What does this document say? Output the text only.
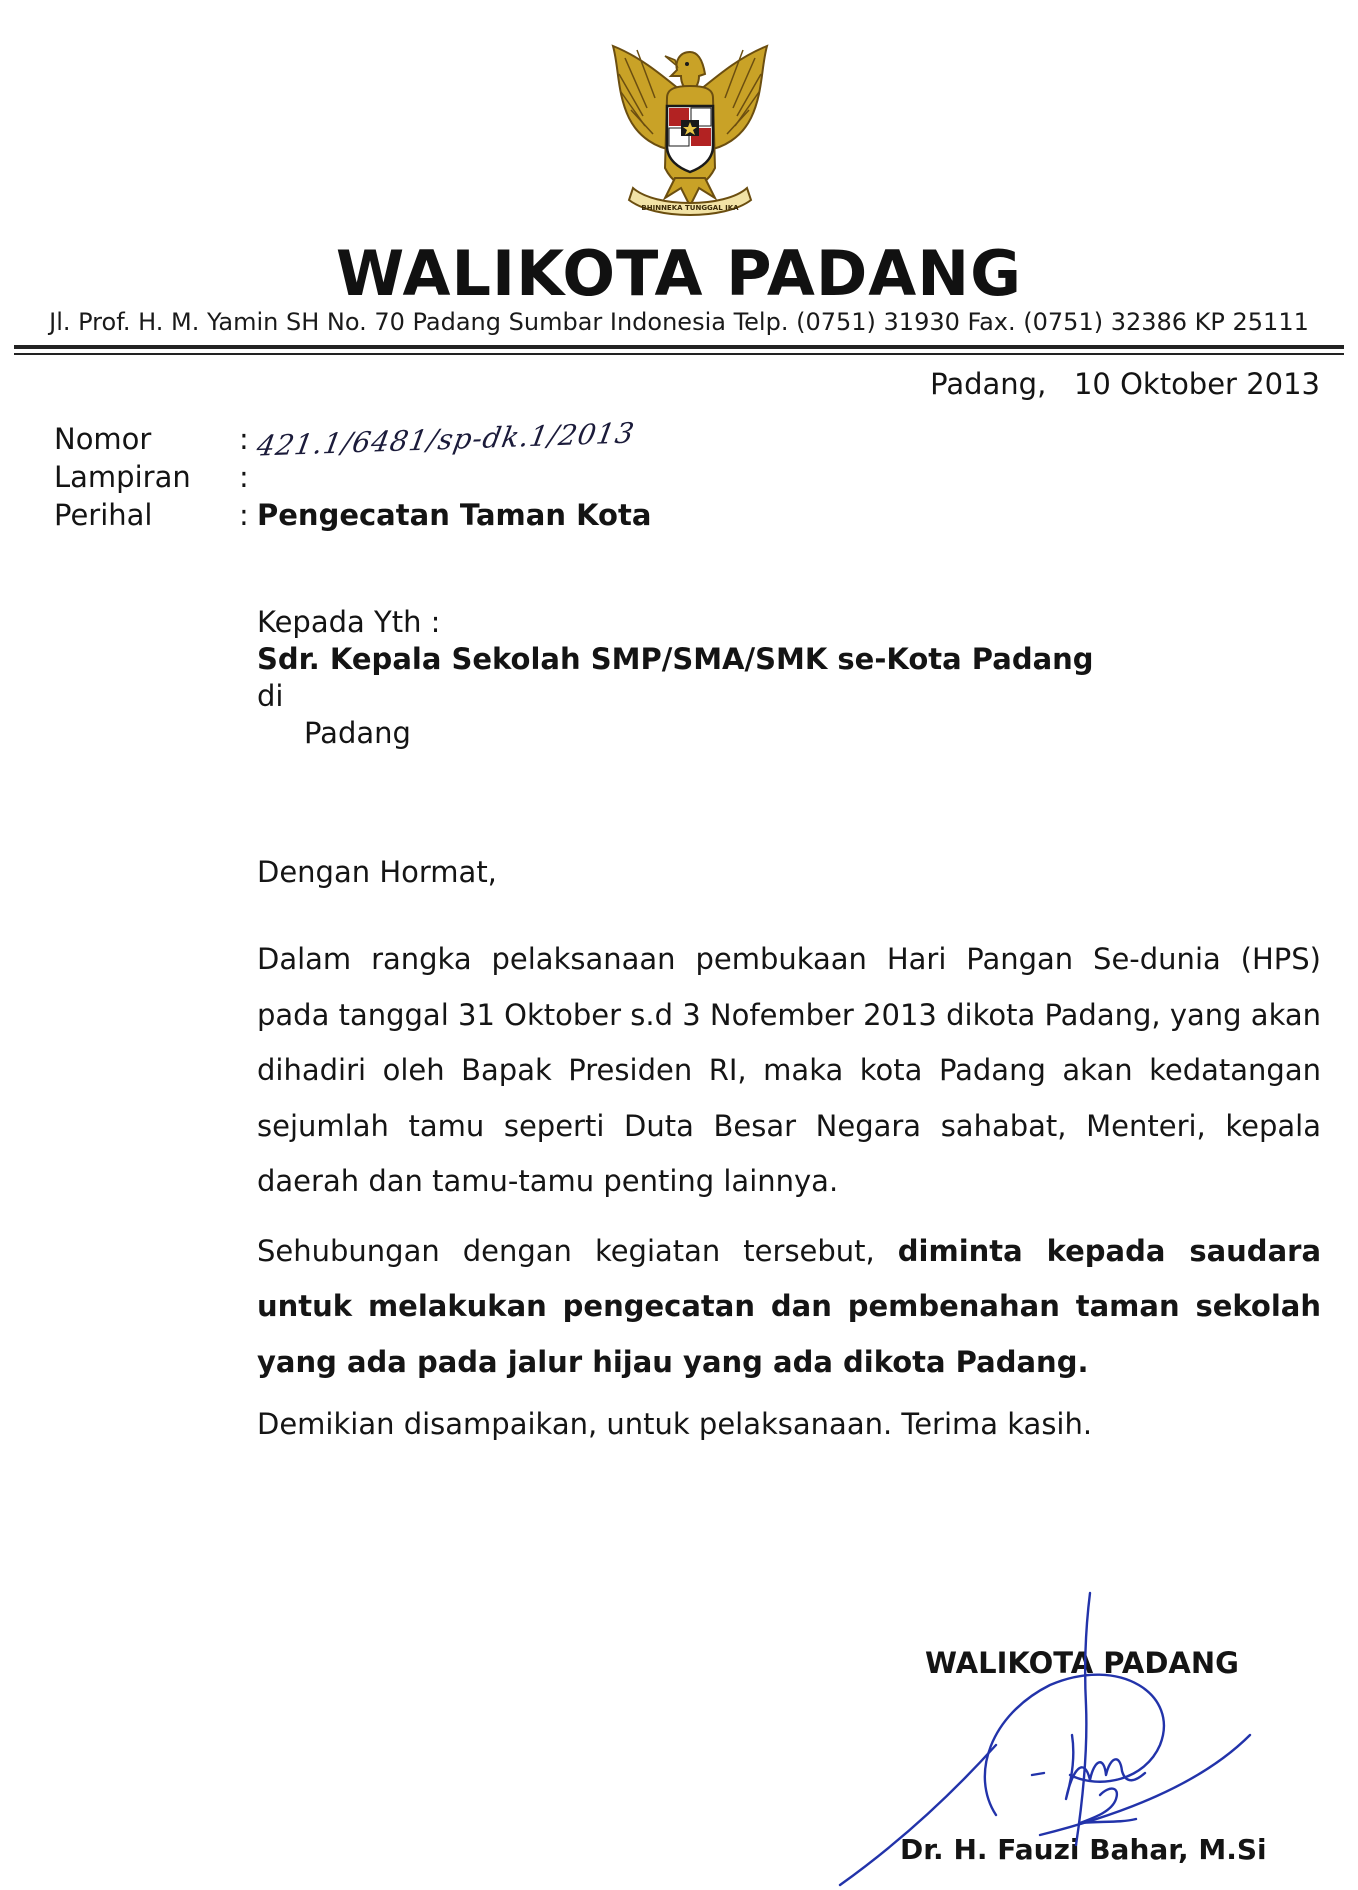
BHINNEKA TUNGGAL IKA
WALIKOTA PADANG
Jl. Prof. H. M. Yamin SH No. 70 Padang Sumbar Indonesia Telp. (0751) 31930 Fax. (0751) 32386 KP 25111
Padang,   10 Oktober 2013
Nomor	: 421.1/6481/sp-dk.1/2013
Lampiran :
Perihal	: Pengecatan Taman Kota
Kepada Yth :
Sdr. Kepala Sekolah SMP/SMA/SMK se-Kota Padang
di
Padang

Dengan Hormat,

Dalam rangka pelaksanaan pembukaan Hari Pangan Se-dunia (HPS) pada tanggal 31 Oktober s.d 3 Nofember 2013 dikota Padang, yang akan dihadiri oleh Bapak Presiden RI, maka kota Padang akan kedatangan sejumlah tamu seperti Duta Besar Negara sahabat, Menteri, kepala daerah dan tamu-tamu penting lainnya.

Sehubungan dengan kegiatan tersebut, diminta kepada saudara untuk melakukan pengecatan dan pembenahan taman sekolah yang ada pada jalur hijau yang ada dikota Padang.

Demikian disampaikan, untuk pelaksanaan. Terima kasih.

WALIKOTA PADANG
Dr. H. Fauzi Bahar, M.Si
